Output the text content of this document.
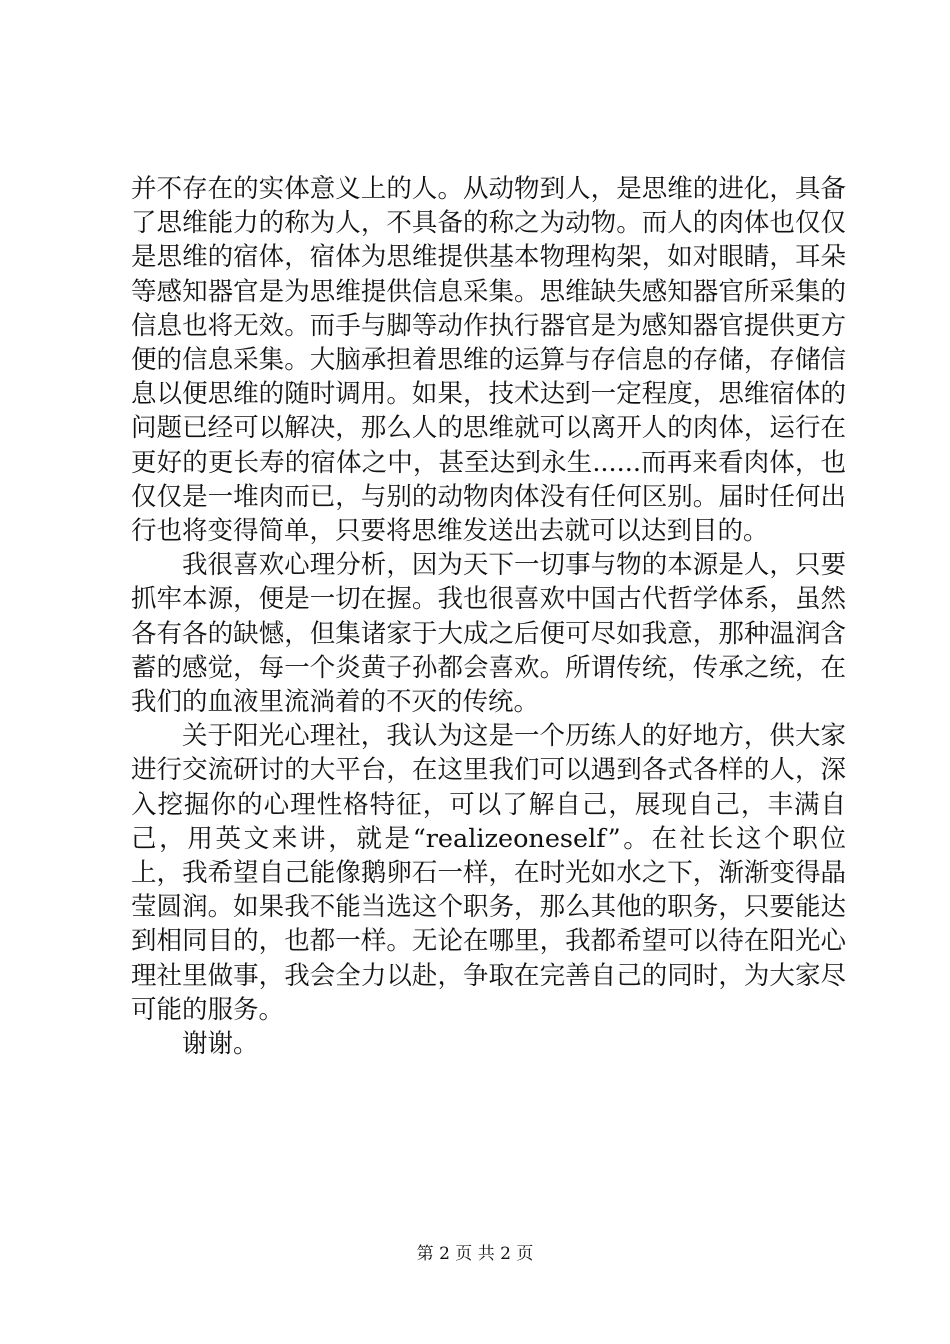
并不存在的实体意义上的人。从动物到人，是思维的进化，具备了思维能力的称为人，不具备的称之为动物。而人的肉体也仅仅是思维的宿体，宿体为思维提供基本物理构架，如对眼睛，耳朵等感知器官是为思维提供信息采集。思维缺失感知器官所采集的信息也将无效。而手与脚等动作执行器官是为感知器官提供更方便的信息采集。大脑承担着思维的运算与存信息的存储，存储信息以便思维的随时调用。如果，技术达到一定程度，思维宿体的问题已经可以解决，那么人的思维就可以离开人的肉体，运行在更好的更长寿的宿体之中，甚至达到永生......而再来看肉体，也仅仅是一堆肉而已，与别的动物肉体没有任何区别。届时任何出行也将变得简单，只要将思维发送出去就可以达到目的。

我很喜欢心理分析，因为天下一切事与物的本源是人，只要抓牢本源，便是一切在握。我也很喜欢中国古代哲学体系，虽然各有各的缺憾，但集诸家于大成之后便可尽如我意，那种温润含蓄的感觉，每一个炎黄子孙都会喜欢。所谓传统，传承之统，在我们的血液里流淌着的不灭的传统。

关于阳光心理社，我认为这是一个历练人的好地方，供大家进行交流研讨的大平台，在这里我们可以遇到各式各样的人，深入挖掘你的心理性格特征，可以了解自己，展现自己，丰满自己，用英文来讲，就是“realizeoneself”。在社长这个职位上，我希望自己能像鹅卵石一样，在时光如水之下，渐渐变得晶莹圆润。如果我不能当选这个职务，那么其他的职务，只要能达到相同目的，也都一样。无论在哪里，我都希望可以待在阳光心理社里做事，我会全力以赴，争取在完善自己的同时，为大家尽可能的服务。

谢谢。

第 2 页 共 2 页
